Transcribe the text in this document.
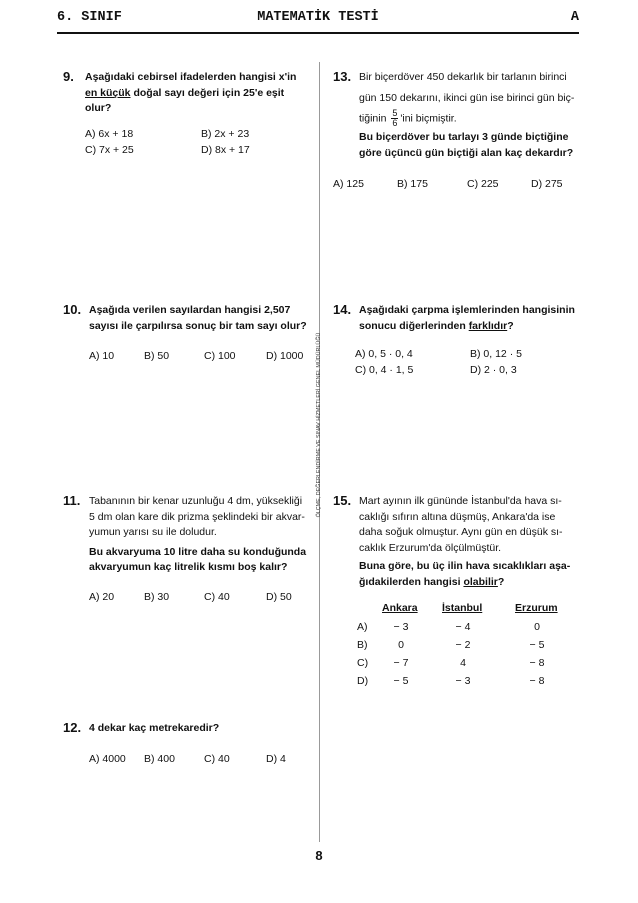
6. SINIF	MATEMATİK TESTİ	A
ÖLÇME, DEĞERLENDİRME VE SINAV HİZMETLERİ GENEL MÜDÜRLÜĞÜ
9. Aşağıdaki cebirsel ifadelerden hangisi x'in
en küçük doğal sayı değeri için 25'e eşit
olur?
A) 6x + 18	B) 2x + 23
C) 7x + 25	D) 8x + 17
10. Aşağıda verilen sayılardan hangisi 2,507
sayısı ile çarpılırsa sonuç bir tam sayı olur?
A) 10	B) 50	C) 100	D) 1000
11. Tabanının bir kenar uzunluğu 4 dm, yüksekliği
5 dm olan kare dik prizma şeklindeki bir akvar-
yumun yarısı su ile doludur.
Bu akvaryuma 10 litre daha su konduğunda
akvaryumun kaç litrelik kısmı boş kalır?
A) 20	B) 30	C) 40	D) 50
12. 4 dekar kaç metrekaredir?
A) 4000 B) 400	C) 40	D) 4
13. Bir biçerdöver 450 dekarlık bir tarlanın birinci
gün 150 dekarını, ikinci gün ise birinci gün biç-
tiğinin $\frac{5}{6}$ 'ini biçmiştir.
Bu biçerdöver bu tarlayı 3 günde biçtiğine
göre üçüncü gün biçtiği alan kaç dekardır?
A) 125	B) 175	C) 225	D) 275
14. Aşağıdaki çarpma işlemlerinden hangisinin
sonucu diğerlerinden farklıdır?
A) 0, 5 · 0, 4	B) 0, 12 · 5
C) 0, 4 · 1, 5	D) 2 · 0, 3
15. Mart ayının ilk gününde İstanbul'da hava sı-
caklığı sıfırın altına düşmüş, Ankara'da ise
daha soğuk olmuştur. Aynı gün en düşük sı-
caklık Erzurum'da ölçülmüştür.
Buna göre, bu üç ilin hava sıcaklıkları aşa-
ğıdakilerden hangisi olabilir?
Ankara İstanbul	Erzurum
A)	− 3	− 4	0
B)	0	− 2	− 5
C)	− 7	4	− 8
D)	− 5	− 3	− 8
8
